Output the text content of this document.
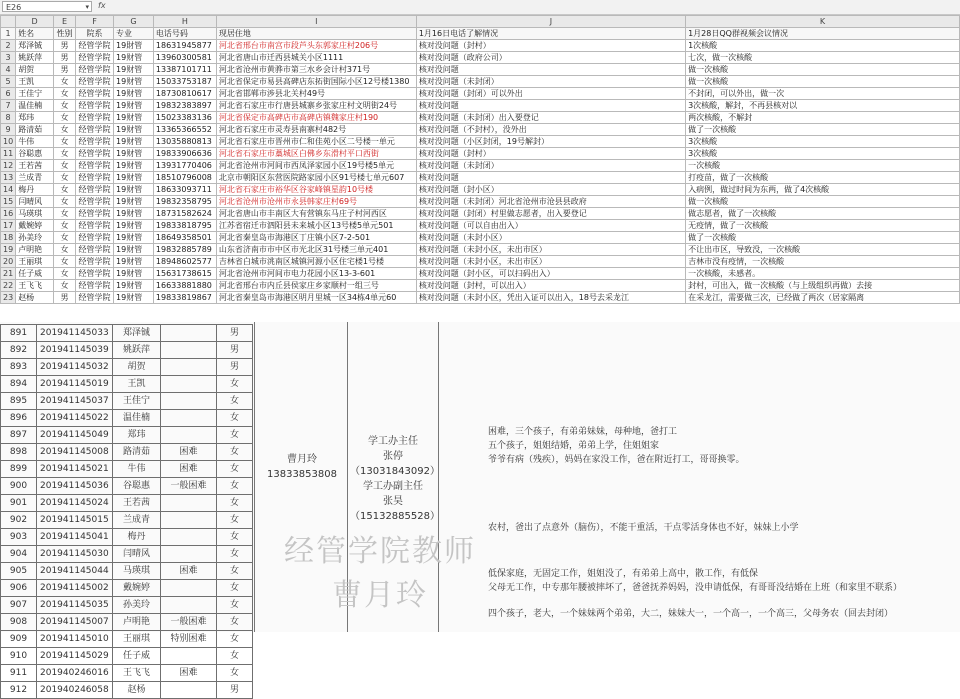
E26	▾ fx
	D	E	F	G	H	I	J	K
1	姓名	性别	院系	专业	电话号码	现居住地	1月16日电话了解情况	1月28日QQ群视频会议情况
2	郑泽铖	男	经管学院	19財管	18631945877	河北省邢台市南宫市段芦头东郭家庄村206号	核对没问题（封村）	1次核酸
3	姚跃萍	男	经管学院	19财管	13960300581	河北省唐山市迁西县城关小区1111	核对没问题（政府公司）	七次，做一次核酸
4	胡贺	男	经管学院	19财管	13387101711	河北省沧州市黄骅市第三水乡会计村371号	核对没问题	做一次核酸
5	王凯	女	经管学院	19财管	15033753187	河北省保定市易县高碑店东拓街国际小区12号楼1380	核对没问题（未封闭）	做一次核酸
6	王佳宁	女	经管学院	19财管	18730810617	河北省邯郸市涉县北关村49号	核对没问题（封闭）可以外出	不封闭，可以外出，做一次
7	温佳楠	女	经管学院	19财管	19832383897	河北省石家庄市行唐县城寨乡张家庄村文明街24号	核对没问题	3次核酸，解封，不再县核对以
8	郑玮	女	经管学院	19财管	15023383136	河北省保定市高碑店市高碑店镇魏家庄村190	核对没问题（未封闭）出入要登记	两次核酸，不解封
9	路清茹	女	经管学院	19财管	13365366552	河北省石家庄市灵寿县南寨村482号	核对没问题（不封村），没外出	做了一次核酸
10	牛伟	女	经管学院	19财管	13035880813	河北省石家庄市晋州市仁和佳苑小区二号楼一单元	核对没问题（小区封闭，19号解封）	3次核酸
11	谷聪惠	女	经管学院	19财管	19833906636	河北省石家庄市藁城区白佛乡东滑村平口西街	核对没问题（封村）	3次核酸
12	王若茜	女	经管学院	19财管	13931770406	河北省沧州市河间市西凤泽家园小区19号楼5单元	核对没问题（未封闭）	一次核酸
13	兰成青	女	经管学院	19财管	18510796008	北京市朝阳区东营医院路家园小区91号楼七单元607	核对没问题	打疫苗，做了一次核酸
14	梅丹	女	经管学院	19财管	18633093711	河北省石家庄市裕华区谷家峰镇星韵10号楼	核对没问题（封小区）	入病例，做过时间为东两，做了4次核酸
15	闫晴风	女	经管学院	19财管	19832358795	河北省沧州市沧州市永县韩家庄村69号	核对没问题（未封闭）河北省沧州市沧县县政府	做一次核酸
16	马瑛琪	女	经管学院	19财管	18731582624	河北省唐山市丰南区大有营镇东马庄子村河西区	核对没问题（封闭）村里做志愿者，出入要登记	做志愿者，做了一次核酸
17	戴婉婷	女	经管学院	19财管	19833818795	江苏省宿迁市泗阳县未来城小区13号楼5单元501	核对没问题（可以自由出入）	无疫情，做了一次核酸
18	孙美玲	女	经管学院	19财管	18649358501	河北省秦皇岛市海港区丁庄镇小区7-2-501	核对没问题（未封小区）	做了一次核酸
19	卢明艳	女	经管学院	19财管	19832885789	山东省济南市市中区市光北区31号楼三单元401	核对没问题（未封小区，未出市区）	不让出市区，导致没，一次核酸
20	王丽琪	女	经管学院	19财管	18948602577	吉林省白城市洮南区城镇河源小区住宅楼1号楼	核对没问题（未封小区，未出市区）	吉林市没有疫情，一次核酸
21	任子威	女	经管学院	19财管	15631738615	河北省沧州市河间市电力花园小区13-3-601	核对没问题（封小区，可以扫码出入）	一次核酸，未感者。
22	王飞飞	女	经管学院	19财管	16633881880	河北省邢台市内丘县侯家庄乡家顺村一组三号	核对没问题（封村，可以出入）	封村，可出入，做一次核酸（与上级组织再做）去接
23	赵杨	男	经管学院	19财管	19833819867	河北省秦皇岛市海港区明月里城一区34栋4单元60	核对没问题（未封小区，凭出入证可以出入，18号去采龙江	在采龙江，需要做三次，已经做了两次（居家隔离
891	201941145033	郑泽铖		男
892	201941145039	姚跃萍		男
893	201941145032	胡贺		男
894	201941145019	王凯		女
895	201941145037	王佳宁		女
896	201941145022	温佳楠		女
897	201941145049	郑玮		女
898	201941145008	路清茹	困难	女
899	201941145021	牛伟	困难	女
900	201941145036	谷聪惠	一般困难	女
901	201941145024	王若茜		女
902	201941145015	兰成青		女
903	201941145041	梅丹		女
904	201941145030	闫晴风		女
905	201941145044	马瑛琪	困难	女
906	201941145002	戴婉婷		女
907	201941145035	孙美玲		女
908	201941145007	卢明艳	一般困难	女
909	201941145010	王丽琪	特别困难	女
910	201941145029	任子威		女
911	201940246016	王飞飞	困难	女
912	201940246058	赵杨		男
曹月玲
13833853808
学工办主任
张停
（13031843092）
学工办副主任
张昊
（15132885528）
困难，三个孩子，有弟弟妹妹，母种地，爸打工
五个孩子，姐姐结婚，弟弟上学，住姐姐家
爷爷有病（残疾），妈妈在家没工作，爸在附近打工，哥哥换零。
农村，爸出了点意外（脑伤），不能干重活，干点零活身体也不好，妹妹上小学
低保家庭，无固定工作，姐姐没了，有弟弟上高中，散工作，有低保
父母无工作，中专那年腰被摔坏了，爸爸抚养妈妈，没申请低保，有哥哥没结婚在上班（和家里不联系）
四个孩子，老大，一个妹妹两个弟弟，大二，妹妹大一，一个高一，一个高三，父母务农（回去封闭）
经管学院教师
曹月玲
